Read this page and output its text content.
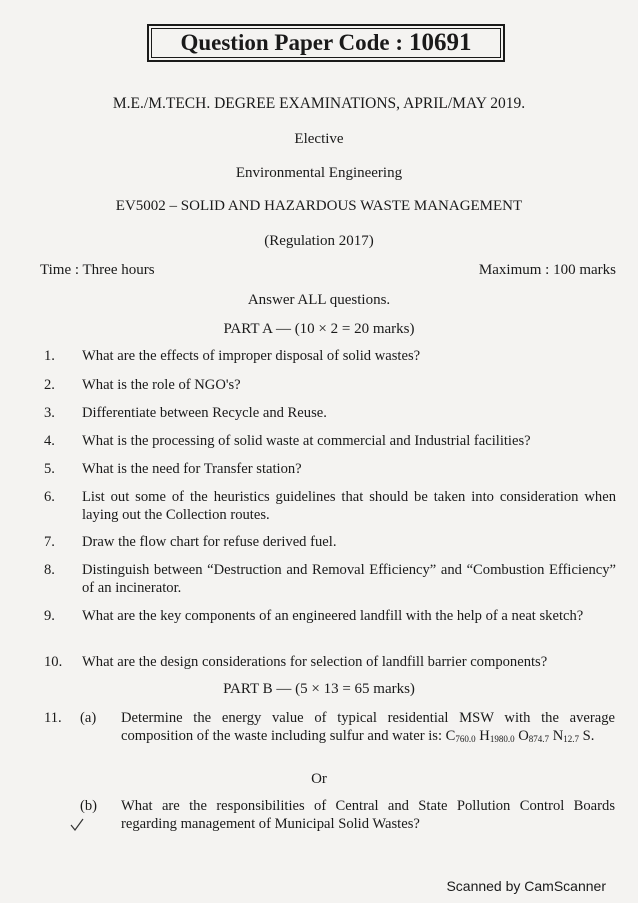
Question Paper Code : 10691
M.E./M.TECH. DEGREE EXAMINATIONS, APRIL/MAY 2019.
Elective
Environmental Engineering
EV5002 – SOLID AND HAZARDOUS WASTE MANAGEMENT
(Regulation 2017)
Time : Three hours	Maximum : 100 marks
Answer ALL questions.
PART A — (10 × 2 = 20 marks)
1.	What are the effects of improper disposal of solid wastes?
2.	What is the role of NGO's?
3.	Differentiate between Recycle and Reuse.
4.	What is the processing of solid waste at commercial and Industrial facilities?
5.	What is the need for Transfer station?
6.	List out some of the heuristics guidelines that should be taken into consideration when laying out the Collection routes.
7.	Draw the flow chart for refuse derived fuel.
8.	Distinguish between “Destruction and Removal Efficiency” and “Combustion Efficiency” of an incinerator.
9.	What are the key components of an engineered landfill with the help of a neat sketch?
10. What are the design considerations for selection of landfill barrier components?
PART B — (5 × 13 = 65 marks)
11. (a) Determine the energy value of typical residential MSW with the average composition of the waste including sulfur and water is: $C_{760.0}$ $H_{1980.0}$ $O_{874.7}$ $N_{12.7}$ S.
Or
(b) What are the responsibilities of Central and State Pollution Control Boards regarding management of Municipal Solid Wastes?
Scanned by CamScanner
